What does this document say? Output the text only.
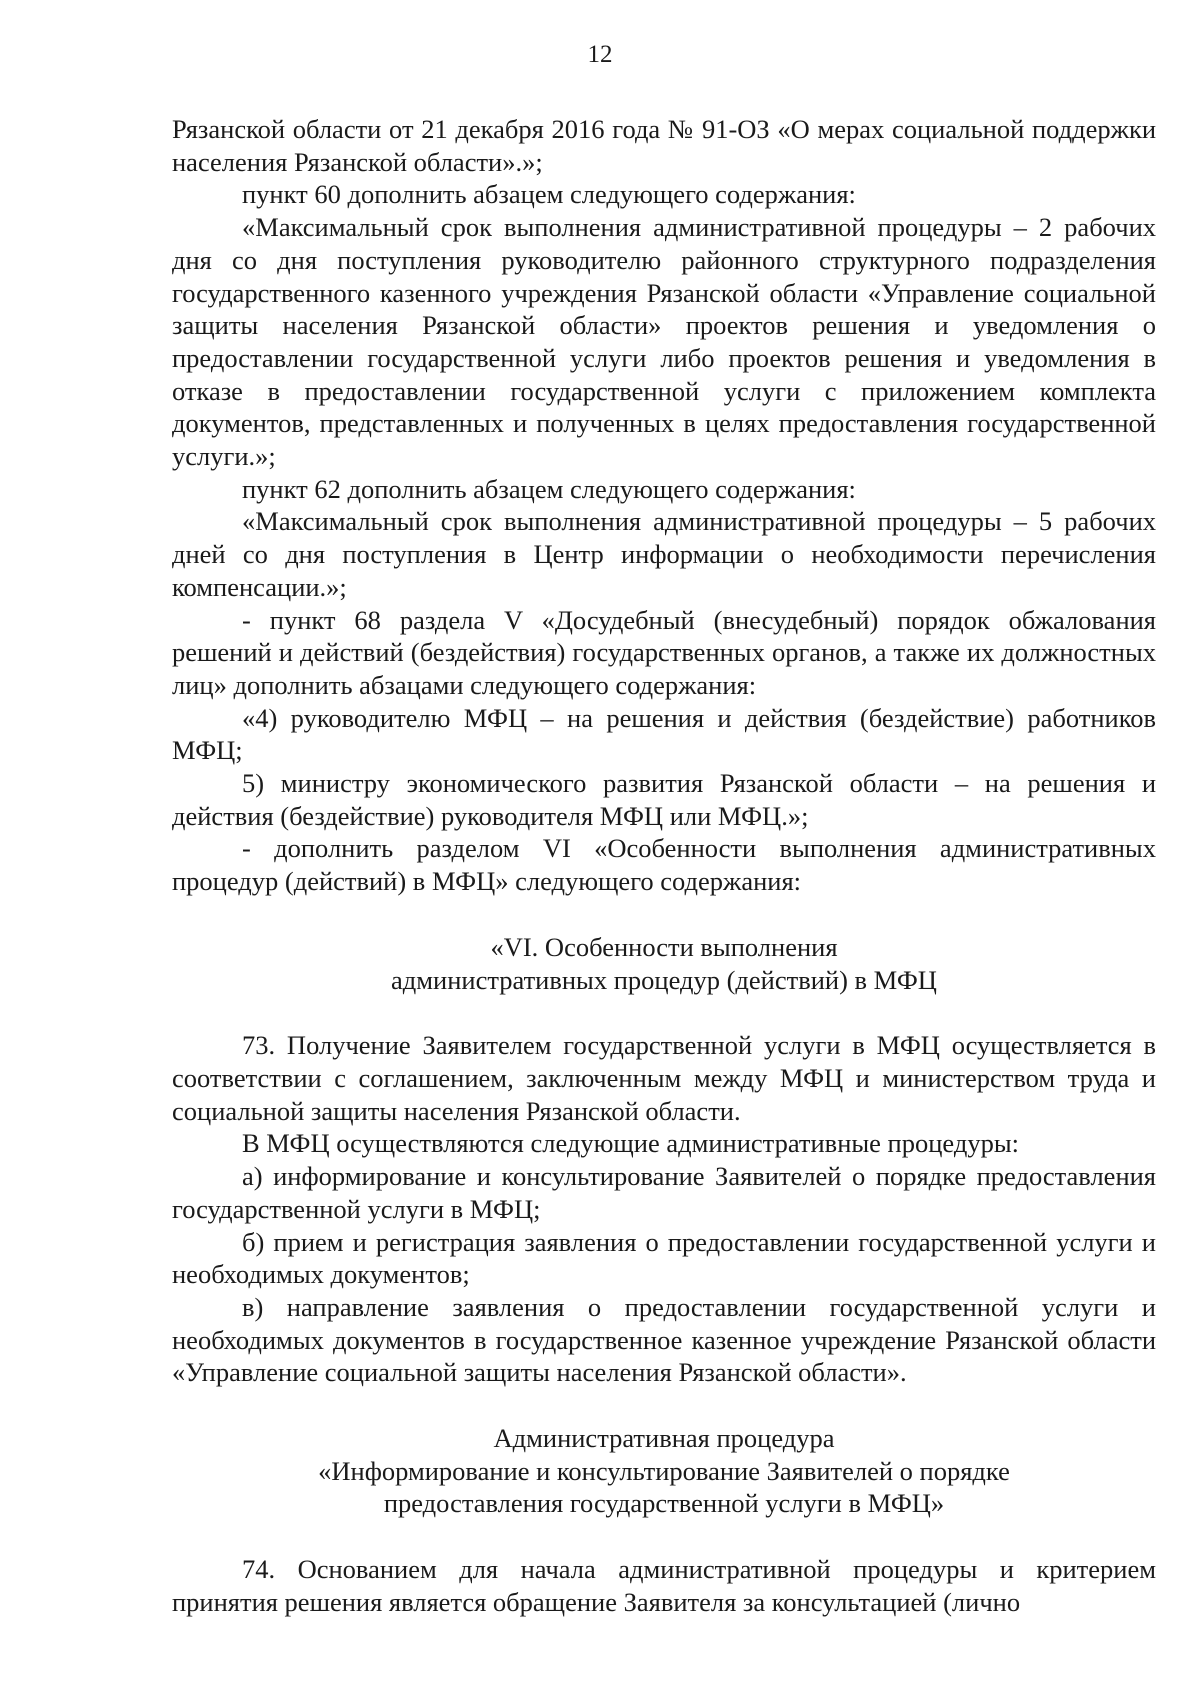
12

Рязанской области от 21 декабря 2016 года № 91-ОЗ «О мерах социальной поддержки населения Рязанской области».»;

пункт 60 дополнить абзацем следующего содержания:

«Максимальный срок выполнения административной процедуры – 2 рабочих дня со дня поступления руководителю районного структурного подразделения государственного казенного учреждения Рязанской области «Управление социальной защиты населения Рязанской области» проектов решения и уведомления о предоставлении государственной услуги либо проектов решения и уведомления в отказе в предоставлении государственной услуги с приложением комплекта документов, представленных и полученных в целях предоставления государственной услуги.»;

пункт 62 дополнить абзацем следующего содержания:

«Максимальный срок выполнения административной процедуры – 5 рабочих дней со дня поступления в Центр информации о необходимости перечисления компенсации.»;

- пункт 68 раздела V «Досудебный (внесудебный) порядок обжалования решений и действий (бездействия) государственных органов, а также их должностных лиц» дополнить абзацами следующего содержания:

«4) руководителю МФЦ – на решения и действия (бездействие) работников МФЦ;

5) министру экономического развития Рязанской области – на решения и действия (бездействие) руководителя МФЦ или МФЦ.»;

- дополнить разделом VI «Особенности выполнения административных процедур (действий) в МФЦ» следующего содержания:

«VI. Особенности выполнения

административных процедур (действий) в МФЦ

73. Получение Заявителем государственной услуги в МФЦ осуществляется в соответствии с соглашением, заключенным между МФЦ и министерством труда и социальной защиты населения Рязанской области.

В МФЦ осуществляются следующие административные процедуры:

а) информирование и консультирование Заявителей о порядке предоставления государственной услуги в МФЦ;

б) прием и регистрация заявления о предоставлении государственной услуги и необходимых документов;

в) направление заявления о предоставлении государственной услуги и необходимых документов в государственное казенное учреждение Рязанской области «Управление социальной защиты населения Рязанской области».

Административная процедура

«Информирование и консультирование Заявителей о порядке

предоставления государственной услуги в МФЦ»

74. Основанием для начала административной процедуры и критерием принятия решения является обращение Заявителя за консультацией (лично
